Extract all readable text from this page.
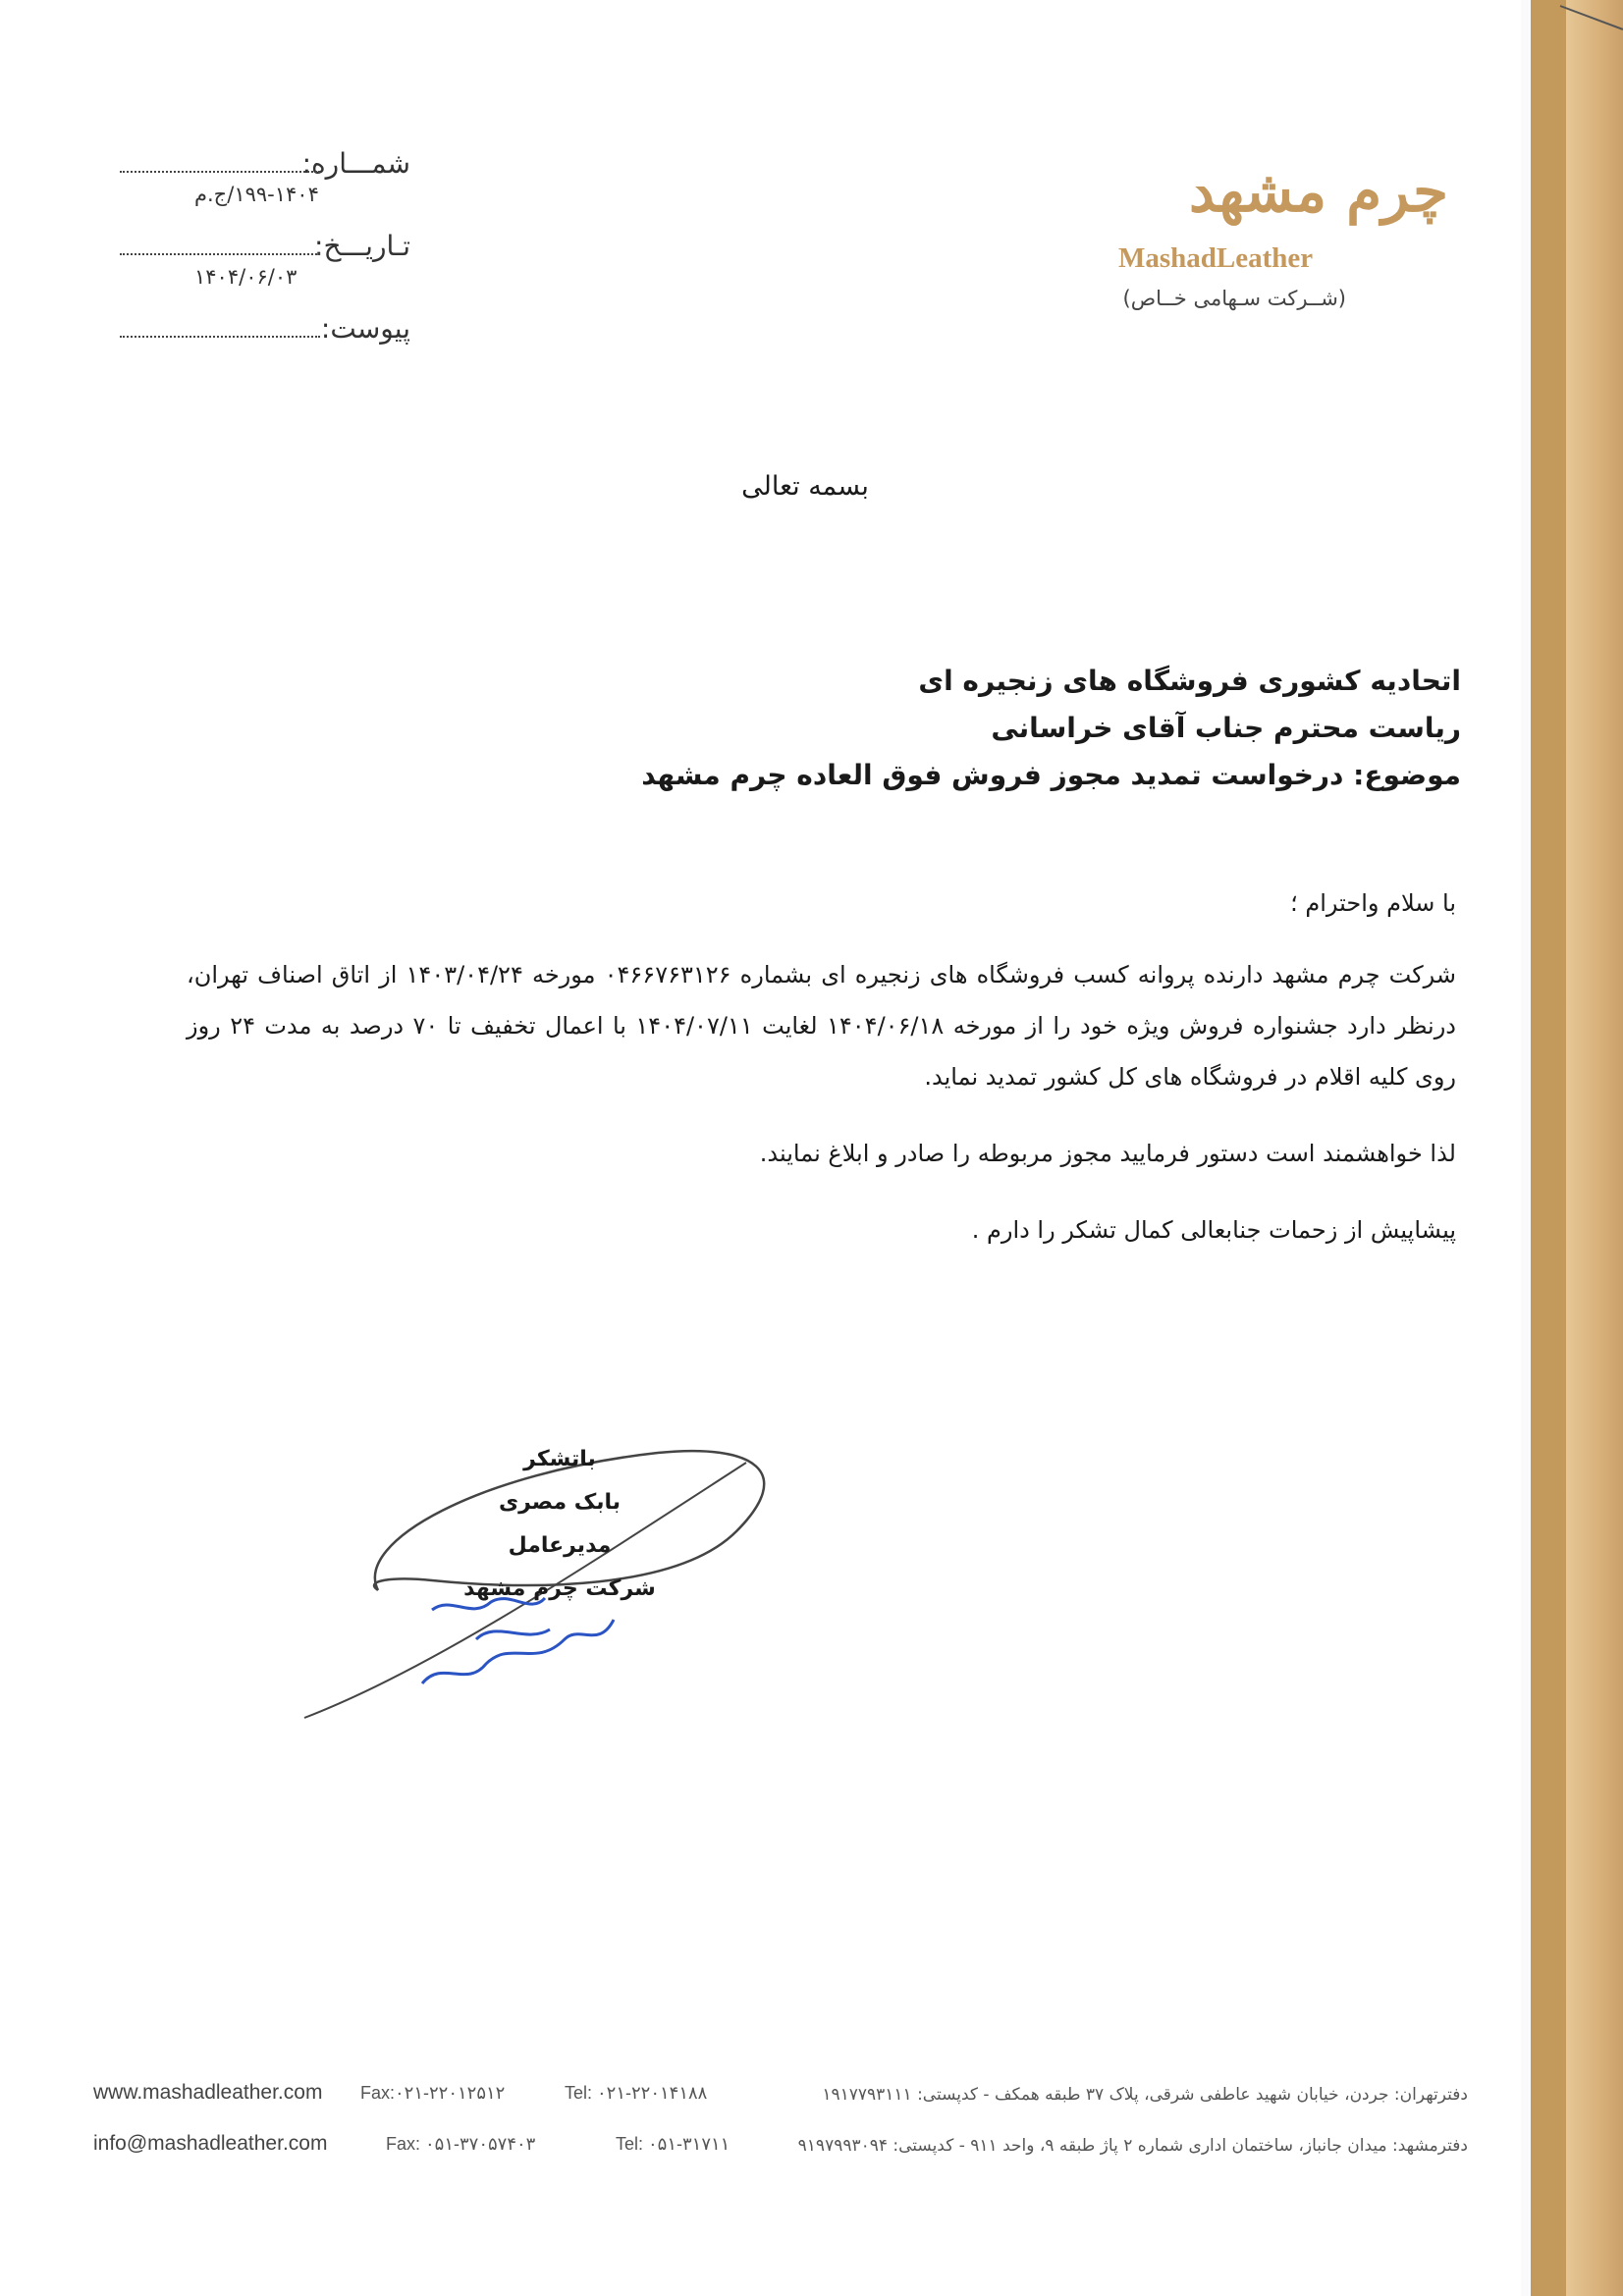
شمـــاره:
۱۹۹-۱۴۰۴/ج.م
تـاریـــخ:
۱۴۰۴/۰۶/۰۳
پیوست:
چرم مشهد
MashadLeather
(شــرکت سـهامی خــاص)
بسمه تعالی
اتحادیه کشوری فروشگاه های زنجیره ای
ریاست محترم جناب آقای خراسانی
موضوع: درخواست تمدید مجوز فروش فوق العاده چرم مشهد
با سلام واحترام ؛
شرکت چرم مشهد دارنده پروانه کسب فروشگاه های زنجیره ای بشماره ۰۴۶۶۷۶۳۱۲۶ مورخه ۱۴۰۳/۰۴/۲۴ از اتاق اصناف تهران، درنظر دارد جشنواره فروش ویژه خود را از مورخه ۱۴۰۴/۰۶/۱۸ لغایت ۱۴۰۴/۰۷/۱۱ با اعمال تخفیف تا ۷۰ درصد به مدت ۲۴ روز روی کلیه اقلام در فروشگاه های کل کشور تمدید نماید.
لذا خواهشمند است دستور فرمایید مجوز مربوطه را صادر و ابلاغ نمایند.
پیشاپیش از زحمات جنابعالی کمال تشکر را دارم .
باتشکر
بابک مصری
مدیرعامل
شرکت چرم مشهد
www.mashadleather.com Fax:۰۲۱-۲۲۰۱۲۵۱۲	Tel: ۰۲۱-۲۲۰۱۴۱۸۸	دفترتهران: جردن، خیابان شهید عاطفی شرقی، پلاک ۳۷ طبقه همکف - کدپستی: ۱۹۱۷۷۹۳۱۱۱
info@mashadleather.com	Fax: ۰۵۱-۳۷۰۵۷۴۰۳	Tel: ۰۵۱-۳۱۷۱۱	دفترمشهد: میدان جانباز، ساختمان اداری شماره ۲ پاژ طبقه ۹، واحد ۹۱۱ - کدپستی: ۹۱۹۷۹۹۳۰۹۴
